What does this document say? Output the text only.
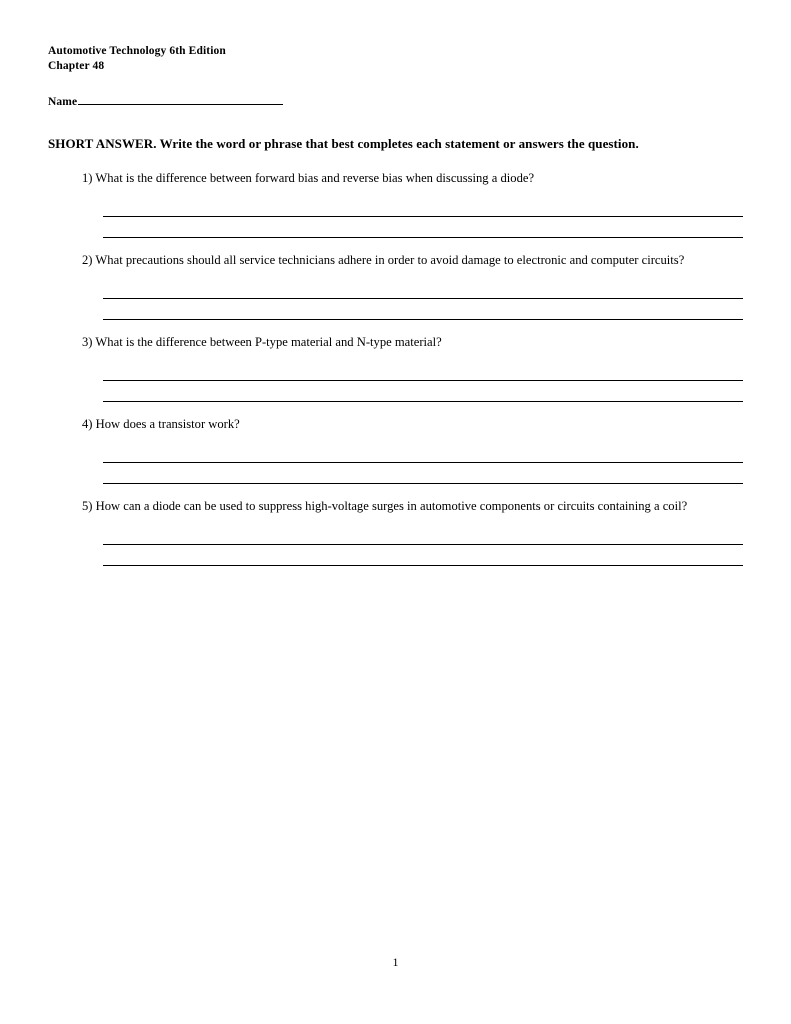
Automotive Technology 6th Edition
Chapter 48
Name
SHORT ANSWER. Write the word or phrase that best completes each statement or answers the question.
1) What is the difference between forward bias and reverse bias when discussing a diode?
2) What precautions should all service technicians adhere in order to avoid damage to electronic and computer circuits?
3) What is the difference between P-type material and N-type material?
4) How does a transistor work?
5) How can a diode can be used to suppress high-voltage surges in automotive components or circuits containing a coil?
1
